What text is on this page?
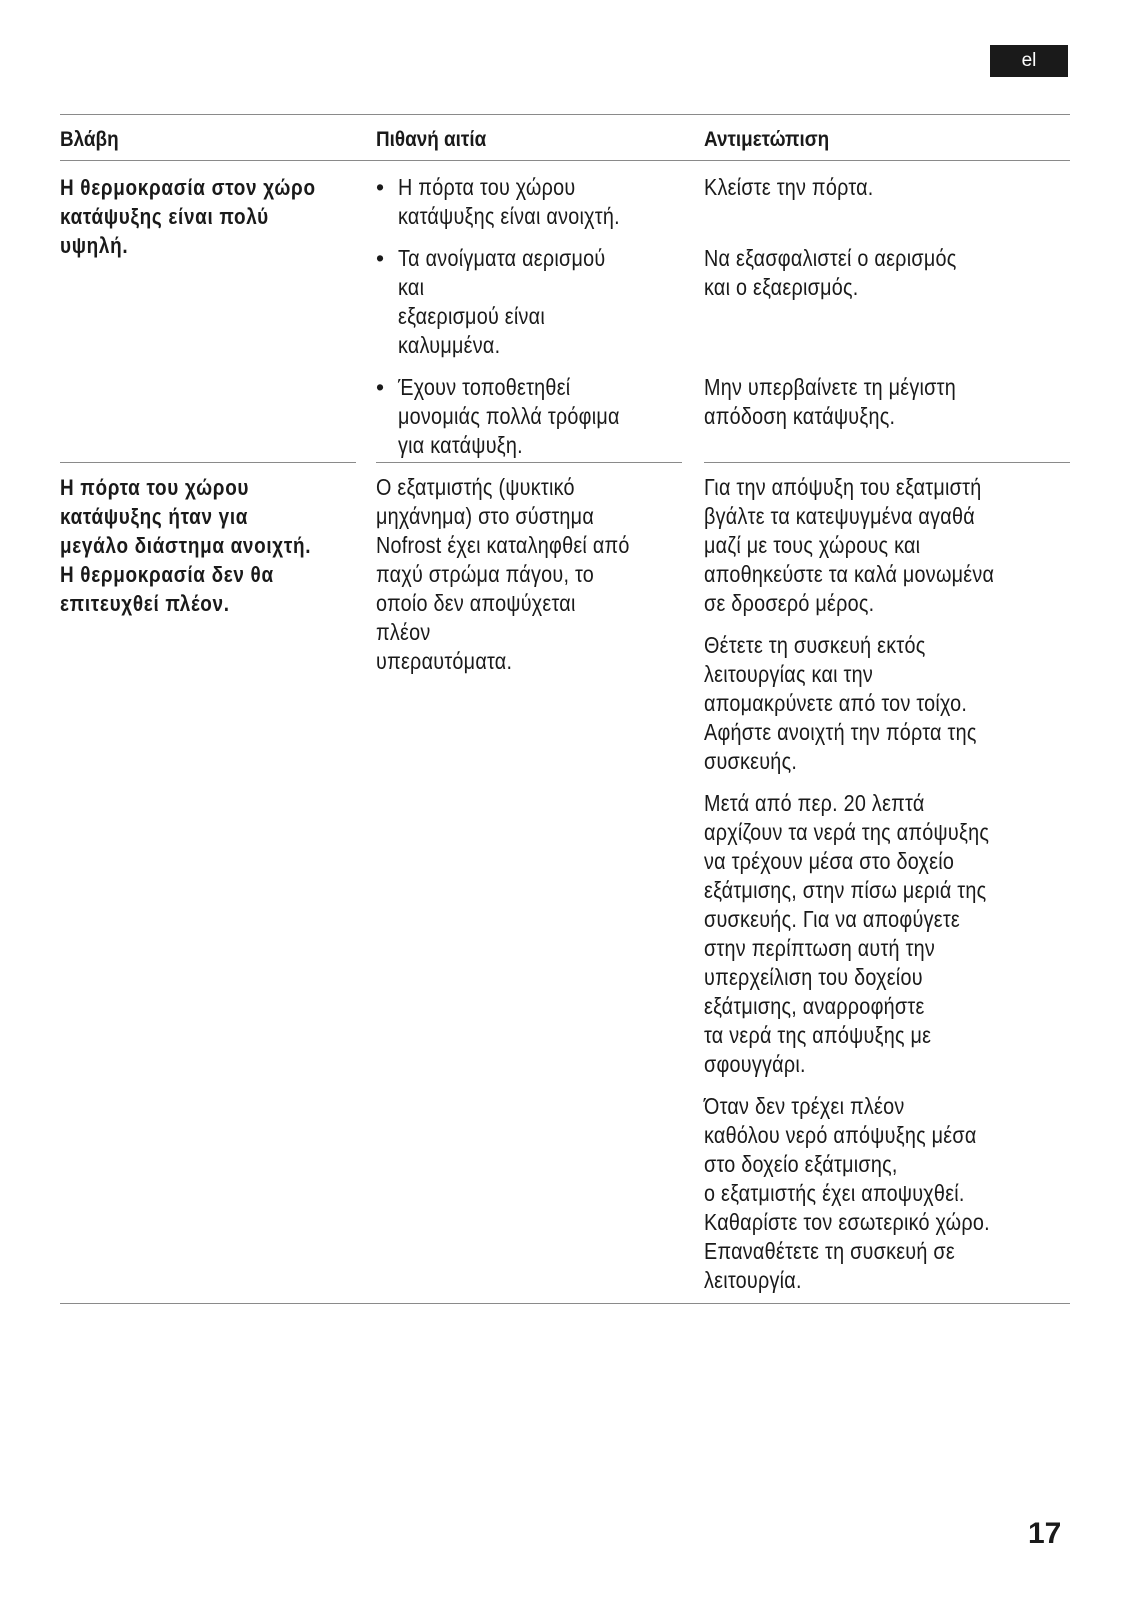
el
Βλάβη	Πιθανή αιτία	Αντιμετώπιση
Η θερμοκρασία στον χώρο
κατάψυξης είναι πολύ
υψηλή.
• Η πόρτα του χώρου
κατάψυξης είναι ανοιχτή.
Κλείστε την πόρτα.
• Τα ανοίγματα αερισμού και
εξαερισμού είναι
καλυμμένα.
Να εξασφαλιστεί ο αερισμός
και ο εξαερισμός.
• Έχουν τοποθετηθεί
μονομιάς πολλά τρόφιμα
για κατάψυξη.
Μην υπερβαίνετε τη μέγιστη
απόδοση κατάψυξης.
Η πόρτα του χώρου
κατάψυξης ήταν για
μεγάλο διάστημα ανοιχτή.
Η θερμοκρασία δεν θα
επιτευχθεί πλέον.
Ο εξατμιστής (ψυκτικό
μηχάνημα) στο σύστημα
Nofrost έχει καταληφθεί από
παχύ στρώμα πάγου, το
οποίο δεν αποψύχεται πλέον
υπεραυτόματα.
Για την απόψυξη του εξατμιστή
βγάλτε τα κατεψυγμένα αγαθά
μαζί με τους χώρους και
αποθηκεύστε τα καλά μονωμένα
σε δροσερό μέρος.
Θέτετε τη συσκευή εκτός
λειτουργίας και την
απομακρύνετε από τον τοίχο.
Αφήστε ανοιχτή την πόρτα της
συσκευής.
Μετά από περ. 20 λεπτά
αρχίζουν τα νερά της απόψυξης
να τρέχουν μέσα στο δοχείο
εξάτμισης, στην πίσω μεριά της
συσκευής. Για να αποφύγετε
στην περίπτωση αυτή την
υπερχείλιση του δοχείου
εξάτμισης, αναρροφήστε
τα νερά της απόψυξης με
σφουγγάρι.
Όταν δεν τρέχει πλέον
καθόλου νερό απόψυξης μέσα
στο δοχείο εξάτμισης,
ο εξατμιστής έχει αποψυχθεί.
Καθαρίστε τον εσωτερικό χώρο.
Επαναθέτετε τη συσκευή σε
λειτουργία.
17
